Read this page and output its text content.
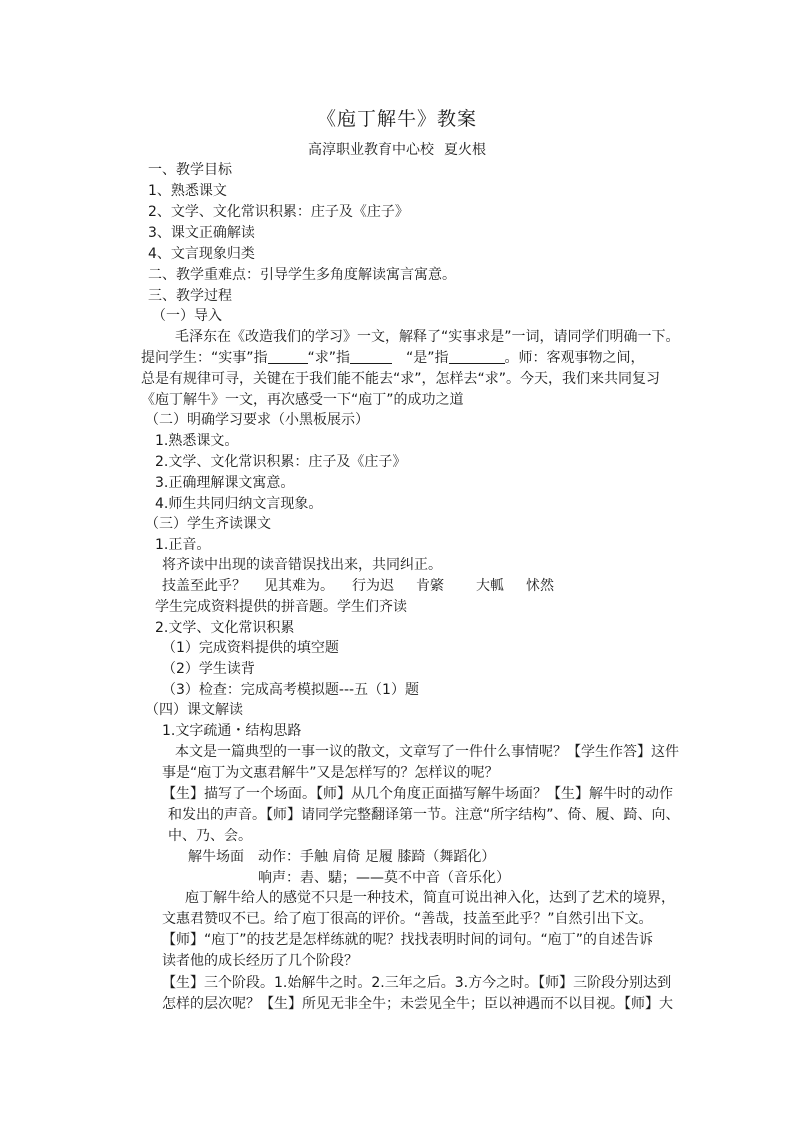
《庖丁解牛》教案
高淳职业教育中心校 夏火根
一、教学目标
1、熟悉课文
2、文学、文化常识积累：庄子及《庄子》
3、课文正确解读
4、文言现象归类
二、教学重难点：引导学生多角度解读寓言寓意。
三、教学过程
（一）导入
毛泽东在《改造我们的学习》一文，解释了“实事求是”一词，请同学们明确一下。
提问学生：“实事”指	“求”指	“是”指	。师：客观事物之间，
总是有规律可寻，关键在于我们能不能去“求”，怎样去“求”。今天，我们来共同复习
《庖丁解牛》一文，再次感受一下“庖丁”的成功之道
（二）明确学习要求（小黑板展示）
1.熟悉课文。
2.文学、文化常识积累：庄子及《庄子》
3.正确理解课文寓意。
4.师生共同归纳文言现象。
（三）学生齐读课文
1.正音。
将齐读中出现的读音错误找出来，共同纠正。
技盖至此乎？ 见其难为。 行为迟 肯綮 大軱 怵然
学生完成资料提供的拼音题。学生们齐读
2.文学、文化常识积累
（1）完成资料提供的填空题
（2）学生读背
（3）检查：完成高考模拟题---五（1）题
（四）课文解读
1.文字疏通・结构思路
本文是一篇典型的一事一议的散文，文章写了一件什么事情呢？【学生作答】这件
事是“庖丁为文惠君解牛”又是怎样写的？怎样议的呢？
【生】描写了一个场面。【师】从几个角度正面描写解牛场面？【生】解牛时的动作
和发出的声音。【师】请同学完整翻译第一节。注意“所字结构”、倚、履、踦、向、
中、乃、会。
解牛场面 动作：手触 肩倚 足履 膝踦（舞蹈化）
响声：砉、騞；——莫不中音（音乐化）
庖丁解牛给人的感觉不只是一种技术，简直可说出神入化，达到了艺术的境界，
文惠君赞叹不已。给了庖丁很高的评价。“善哉，技盖至此乎？”自然引出下文。
【师】“庖丁”的技艺是怎样练就的呢？找找表明时间的词句。“庖丁”的自述告诉
读者他的成长经历了几个阶段？
【生】三个阶段。1.始解牛之时。2.三年之后。3.方今之时。【师】三阶段分别达到
怎样的层次呢？【生】所见无非全牛；未尝见全牛；臣以神遇而不以目视。【师】大
